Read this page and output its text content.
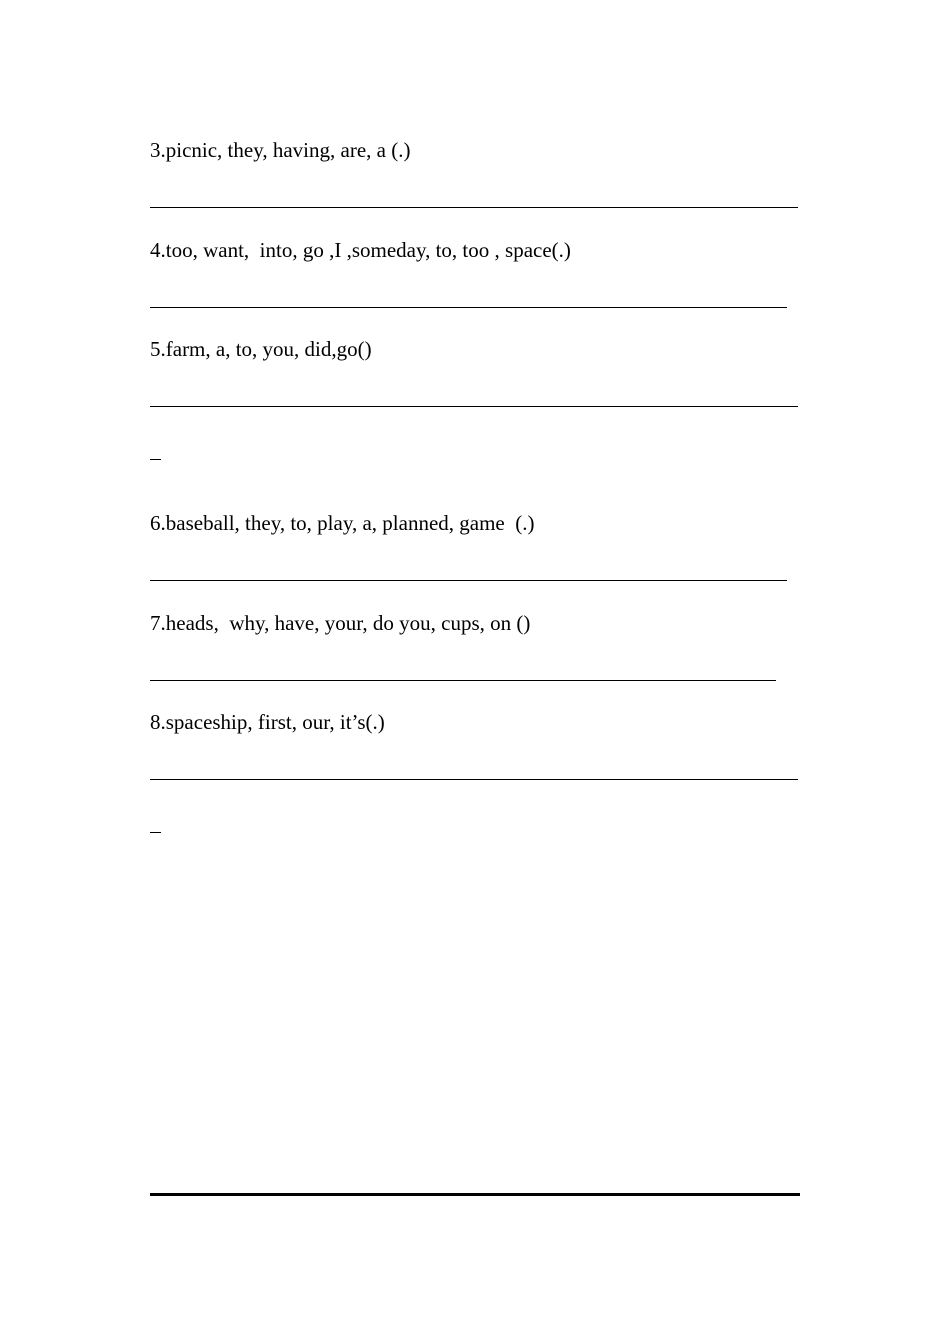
3.picnic, they, having, are, a (.)
4.too, want,  into, go ,I ,someday, to, too , space(.)
5.farm, a, to, you, did,go()
6.baseball, they, to, play, a, planned, game  (.)
7.heads,  why, have, your, do you, cups, on ()
8.spaceship, first, our, it’s(.)
